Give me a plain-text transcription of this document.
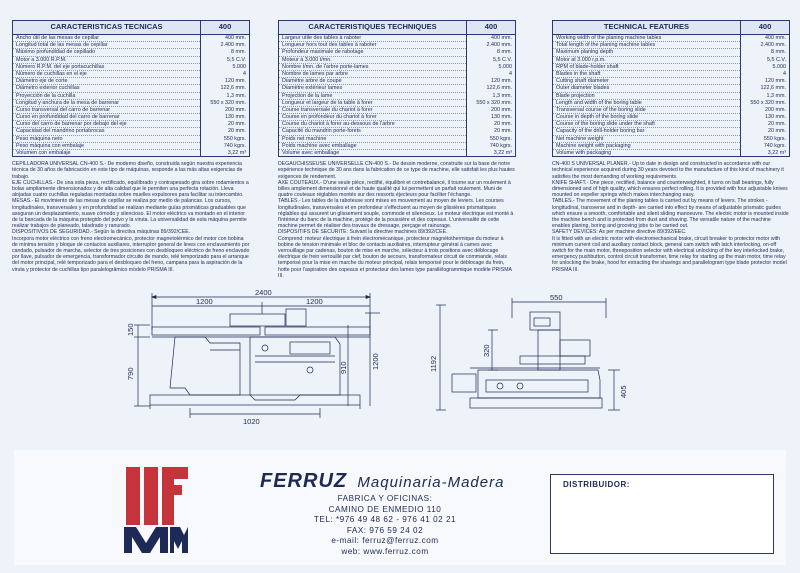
CARACTERISTICAS TECNICAS	400
Ancho útil de las mesas de cepillar	400 mm.
Longitud total de las mesas de cepillar	2.400 mm.
Máximo profundidad de cepillado	8 mm.
Motor a 3.000 R.P.M.	5,5 C.V.
Número R.P.M. del eje portacuchillas	5.000
Número de cuchillas en el eje	4
Diámetro eje de corte	120 mm.
Diámetro exterior cuchillas	122,6 mm.
Proyección de la cuchilla	1,3 mm.
Longitud y anchura de la mesa de barrenar	550 x 320 mm.
Curso transversal del carro de barrenar	200 mm.
Curso en profundidad del carro de barrenar	130 mm.
Curso del carro de barrenar por debajo del eje	20 mm.
Capacidad del mandrino portabrocas	20 mm.
Peso máquina neto	550 kgrs.
Peso máquina con embalaje	740 kgrs.
Volumen con embalaje	3,22 m³

CEPILLADORA UNIVERSAL CN-400 S.- De moderno diseño, construida según nuestra experiencia técnica de 30 años de fabricación en este tipo de máquinas, responde a las más altas exigencias de trabajo.

EJE CUCHILLAS.- De una sola pieza, rectificado, equilibrado y contrapesado gira sobre rodamientos a bolas ampliamente dimensionados y de alta calidad que le permiten una perfecta rotación. Lleva alojadas cuatro cuchillas reguladas montadas sobre muelles expulsores para facilitar su intercambio.

MESAS.- El movimiento de las mesas de cepillar se realiza por medio de palancas. Los cursos, longitudinales, transversales y en profundidad se realizan mediante guías prismáticas graduables que aseguran un desplazamiento, suave cómodo y silencioso. El motor eléctrico va montado en el interior de la bancada de la máquina protegido del polvo y la viruta. La universalidad de esta máquina permite realizar trabajos de planeado, taladrado y ranurado.

DISPOSITIVOS DE SEGURIDAD.- Según la directiva máquinas 89/392/CEE.

Incorpora motor eléctrico con freno electromecánico, protector magnetotérmico del motor con bobina de mínima tensión y bloque de contactos auxiliares, interruptor general de leves con enclavamiento por candado, pulsador de marcha, selector de tres posiciones con desbloqueo eléctrico de freno enclavado por llave, pulsador de emergencia, transformador circuito de mando, relé temporizado para el arranque del motor principal, relé temporizado para el desbloqueo del freno, campana para la aspiración de la viruta y protector de cuchillas tipo paralelogrâmico modelo PRISMA III.

CARACTERISTIQUES TECHNIQUES	400
Largeur utile des tables à raboter	400 mm.
Longueur hors tout des tables à raboter	2.400 mm.
Profondeur maximale de rabotage	8 mm.
Moteur à 3.000 t/mn.	5,5 C.V.
Nombre t/mn. de l'arbre porte-lames	5.000
Nombre de lames par arbre	4
Diamètre arbre de coupe	120 mm.
Diamètre extérieur lames	122,6 mm.
Projection de la lame	1,3 mm.
Longueur et largeur de la table à forer	550 x 320 mm.
Course transversale du chariot à forer	200 mm.
Course en profondeur du chariot à forer	130 mm.
Course du chariot à forer au-dessous de l'arbre	20 mm.
Capacité du mandrin porte-forets	20 mm.
Poids net machine	550 kgrs.
Poids machine avec emballage	740 kgrs.
Volume avec emballage	3,22 m³

DEGAUCHISSEUSE UNIVERSELLE CN-400 S.- De dessin moderne, construite sur la base de notre expérience technique de 30 ans dans la fabrication de ce type de machine, elle satisfait les plus hautes exigences de rendement.

AXE COUTEAUX.- D'une seule pièce, rectifié, équilibré et contrebalancé, il tourne sur un roulement à billes amplement dimensionné et de haute qualité qui lui permettent un parfait roulement. Muni de quatre couteaux réglables montés sur des ressorts éjecteurs pour faciliter l'échange.

TABLES.- Les tables de la raboteuse sont mises en mouvement au moyen de leviers. Les courses longitudinales, transversales et en profondeur s'effectuent au moyen de glissières prismatiques réglables qui assurent un glissement souple, commode et silencieux. Le moteur électrique est monté à l'intérieur du banc de la machine, protégé de la poussière et des copeaux. L'universalité de cette machine permet de réaliser des travaux de dressage, perçage et rainurage.

DISPOSITIFS DE SECURITE: Suivant la directive machines 89/392/CEE.

Comprend: moteur électrique à frein électromécanique, protecteur magnétothermique du moteur à bobine de tension minimale et bloc de contacts auxiliaires, interrupteur général à cames avec verrouillage par cadenas, bouton de mise en marche, sélecteur à trois positions avec déblocage électrique de frein verrouillé par clef, bouton de secours, transformateur circuit de commande, relais temporisé pour la mise en marche du moteur principal, relais temporisé pour le déblocage du frein, hotte pour l'aspiration des copeaux et protecteur des lames type parallélogrammique modèle PRISMA III.

TECHNICAL FEATURES	400
Working width of the planing machine tables	400 mm.
Total length of the planing machine tables	2.400 mm.
Maximum planing depth	8 mm.
Motor at 3.000 r.p.m.	5,5 C.V.
RPM of blade-holder shaft	5.000
Blades in the shaft	4
Cutting shaft diameter	120 mm.
Outer diameter blades	122,6 mm.
Blade projection	1,3 mm.
Length and width of the boring table	550 x 320 mm.
Transversal course of the boring slide	200 mm.
Course in depth of the boring slide	130 mm.
Course of the boring slide under the shaft	20 mm.
Capacity of the drill-holder boring bar	20 mm.
Net machine weight	550 kgrs.
Machine weight with packaging	740 kgrs.
Volume with packaging	3,22 m³

CN-400 S UNIVERSAL PLANER.- Up to date in design and constructed in accordance with our technical experience acquired during 30 years devoted to the manufacture of this kind of machinery it satisfies the most demanding of working requirements.

KNIFE SHAFT.- One piece, rectified, balance and counterweighted, it turns on ball bearings, fully dimensioned and of high quality, which ensures perfect rolling. It is provided with four adjustable knives mounted on expeller springs which makes interchanging easy.

TABLES.- The movement of the planing tables is carried out by means of levers. The strokes -longitudinal, transverse and in depth- are carried into effect by means of adjustable prismatic guides which ensure a smooth, comfortable and silent sliding manoeuvre. The electric motor is mounted inside the machine bench and is protected from dust and shaving. The versatile nature of the machine enables planing, boring and grooving jobs to be carried out.

SAFETY DEVICES: As per machine directive 89/392/EEC.

It is fitted with an electric motor with electromechanical brake, circuit breaker to protector motor with minimum current coil and auxiliary contact block, general cam switch with latch interlocking, on-off switch for the main motor, threeposition selector with electrical unlocking of the key interlocked brake, emergency pushbutton, control circuit transformer, time relay for starting up the main motor, time relay for unlocking the brake, hood for extracting the shavings and parallelogram type blade protector model PRISMA III.

2400
1200	1200
150
790	910	1200
1020
550
1192
320
405
FERRUZ Maquinaria-Madera
FABRICA Y OFICINAS:
CAMINO DE ENMEDIO 110
TEL: *976 49 48 62 - 976 41 02 21
FAX: 976 59 24 02
e-mail: ferruz@ferruz.com
web: www.ferruz.com
DISTRIBUIDOR:
